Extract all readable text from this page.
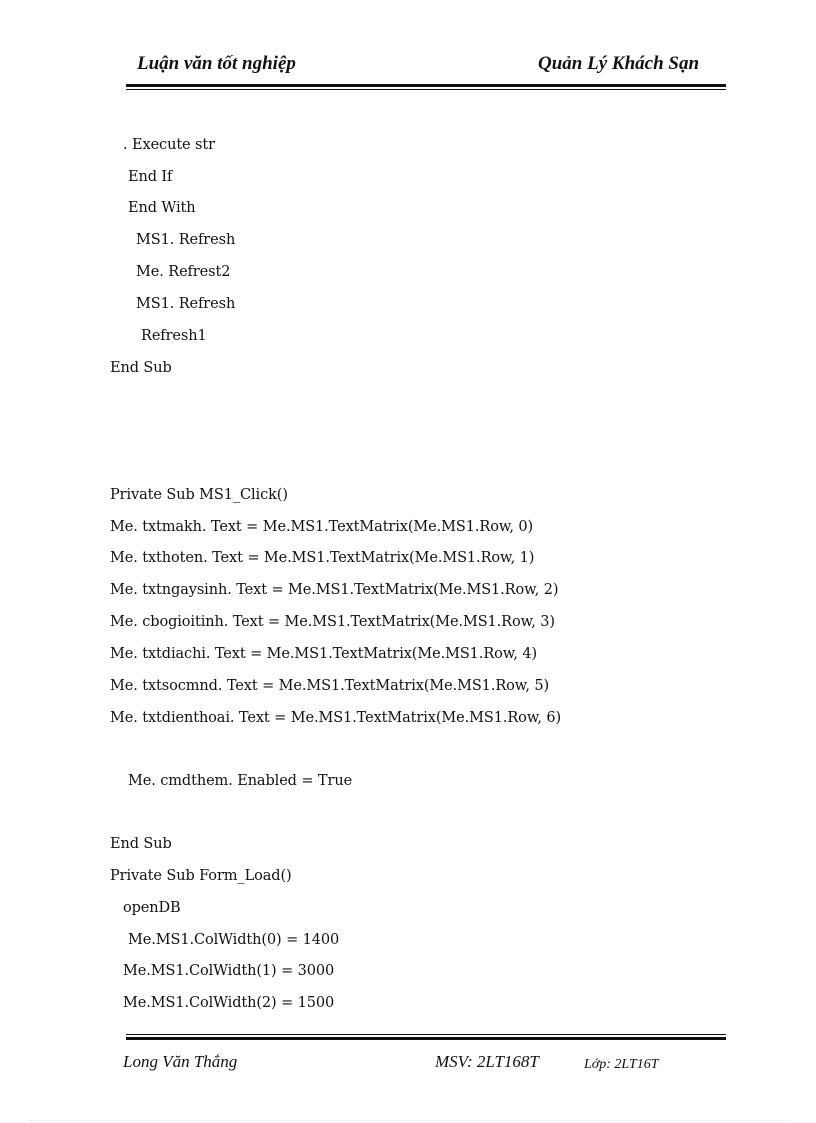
Luận văn tốt nghiệp	Quản Lý Khách Sạn
. Execute str
End If
End With
MS1. Refresh
Me. Refrest2
MS1. Refresh
Refresh1
End Sub
Private Sub MS1_Click()
Me. txtmakh. Text = Me.MS1.TextMatrix(Me.MS1.Row, 0)
Me. txthoten. Text = Me.MS1.TextMatrix(Me.MS1.Row, 1)
Me. txtngaysinh. Text = Me.MS1.TextMatrix(Me.MS1.Row, 2)
Me. cbogioitinh. Text = Me.MS1.TextMatrix(Me.MS1.Row, 3)
Me. txtdiachi. Text = Me.MS1.TextMatrix(Me.MS1.Row, 4)
Me. txtsocmnd. Text = Me.MS1.TextMatrix(Me.MS1.Row, 5)
Me. txtdienthoai. Text = Me.MS1.TextMatrix(Me.MS1.Row, 6)
Me. cmdthem. Enabled = True
End Sub
Private Sub Form_Load()
openDB
Me.MS1.ColWidth(0) = 1400
Me.MS1.ColWidth(1) = 3000
Me.MS1.ColWidth(2) = 1500
Long Văn Thắng	MSV: 2LT168T	Lớp: 2LT16T
